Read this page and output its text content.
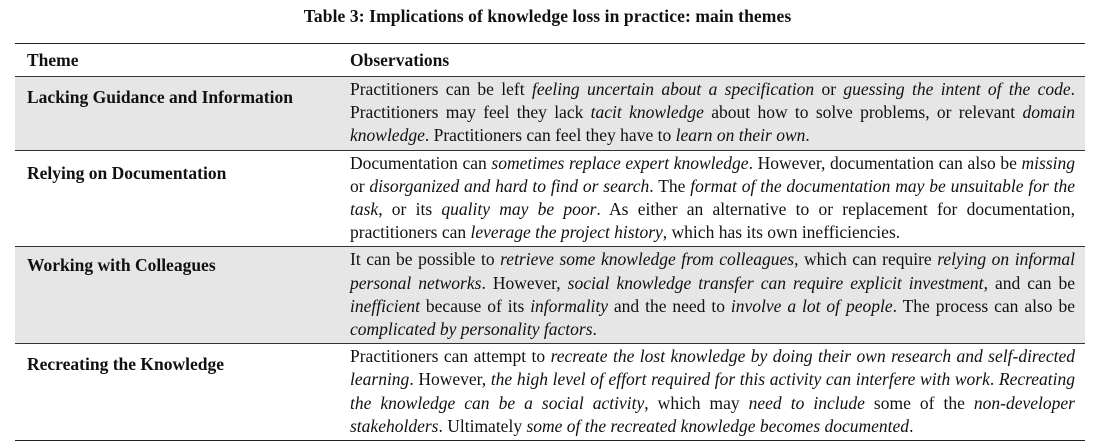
Table 3: Implications of knowledge loss in practice: main themes
Theme	Observations
Lacking Guidance and Information	Practitioners can be left feeling uncertain about a specification or guessing the intent of the code. Practitioners may feel they lack tacit knowledge about how to solve problems, or relevant domain knowledge. Practitioners can feel they have to learn on their own.
Relying on Documentation	Documentation can sometimes replace expert knowledge. However, documentation can also be missing or disorganized and hard to find or search. The format of the documentation may be unsuitable for the task, or its quality may be poor. As either an alternative to or replacement for documentation, practitioners can leverage the project history, which has its own inefficiencies.
Working with Colleagues	It can be possible to retrieve some knowledge from colleagues, which can require relying on informal personal networks. However, social knowledge transfer can require explicit investment, and can be inefficient because of its informality and the need to involve a lot of people. The process can also be complicated by personality factors.
Recreating the Knowledge	Practitioners can attempt to recreate the lost knowledge by doing their own research and self-directed learning. However, the high level of effort required for this activity can interfere with work. Recreating the knowledge can be a social activity, which may need to include some of the non-developer stakeholders. Ultimately some of the recreated knowledge becomes documented.
